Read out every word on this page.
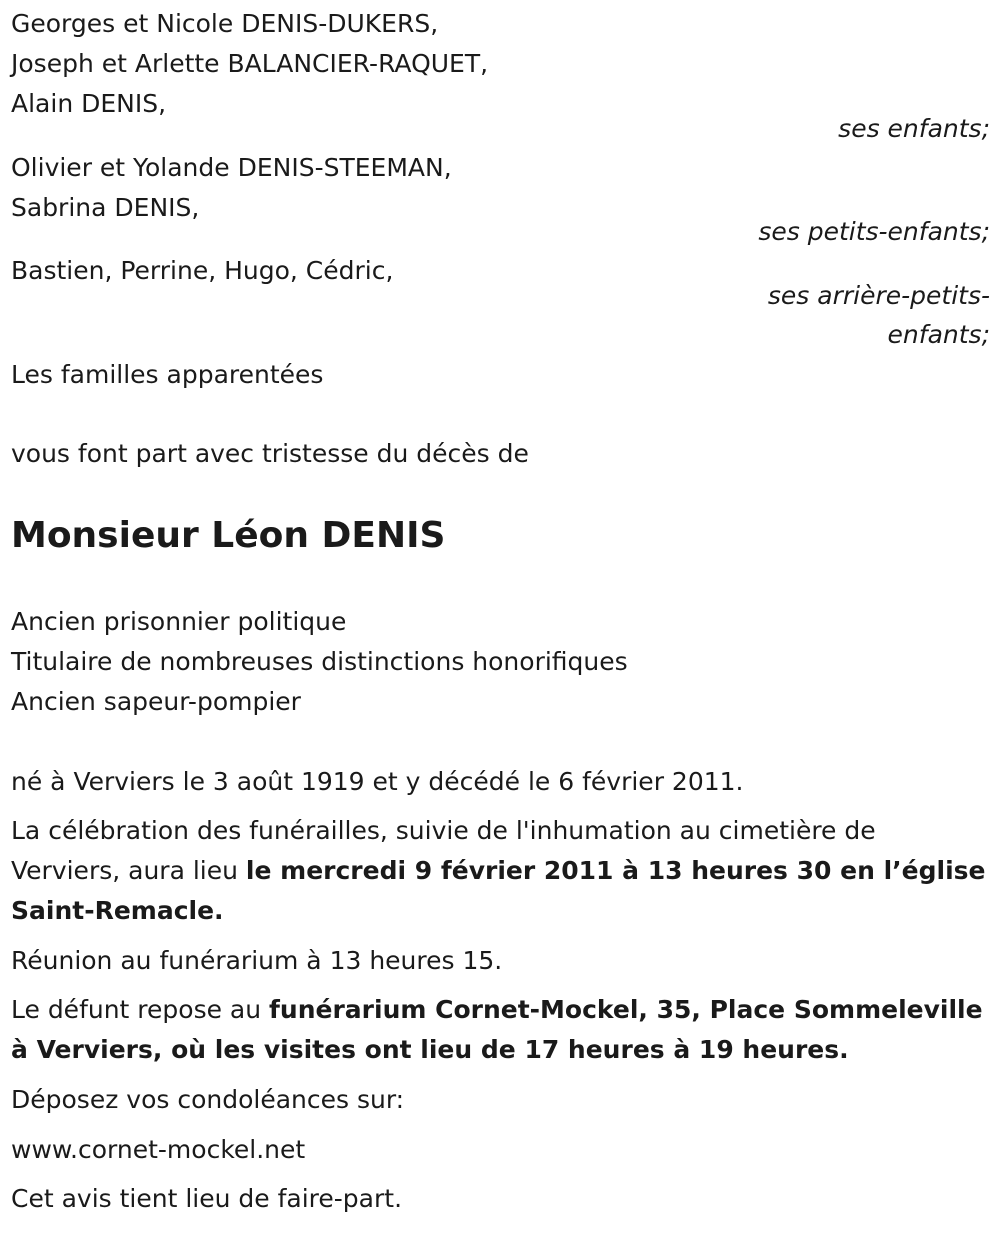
Georges et Nicole DENIS-DUKERS,
Joseph et Arlette BALANCIER-RAQUET,
Alain DENIS,
ses enfants;
Olivier et Yolande DENIS-STEEMAN,
Sabrina DENIS,
ses petits-enfants;
Bastien, Perrine, Hugo, Cédric,
ses arrière-petits-
enfants;
Les familles apparentées
vous font part avec tristesse du décès de
Monsieur Léon DENIS
Ancien prisonnier politique
Titulaire de nombreuses distinctions honorifiques
Ancien sapeur-pompier
né à Verviers le 3 août 1919 et y décédé le 6 février 2011.
La célébration des funérailles, suivie de l'inhumation au cimetière de
Verviers, aura lieu le mercredi 9 février 2011 à 13 heures 30 en l’église
Saint-Remacle.
Réunion au funérarium à 13 heures 15.
Le défunt repose au funérarium Cornet-Mockel, 35, Place Sommeleville
à Verviers, où les visites ont lieu de 17 heures à 19 heures.
Déposez vos condoléances sur:
www.cornet-mockel.net
Cet avis tient lieu de faire-part.
